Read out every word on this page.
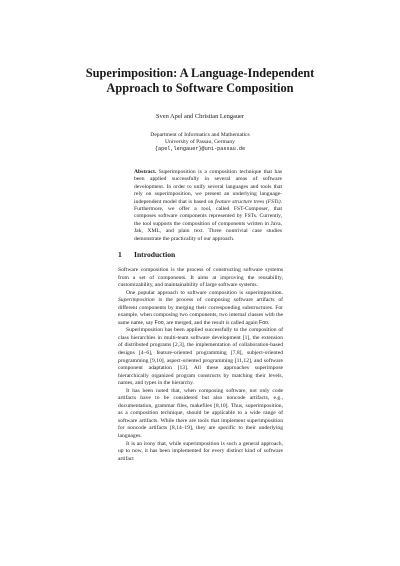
Superimposition: A Language-Independent Approach to Software Composition
Sven Apel and Christian Lengauer
Department of Informatics and Mathematics
University of Passau, Germany
{apel,lengauer}@uni-passau.de
Abstract. Superimposition is a composition technique that has been applied successfully in several areas of software development. In order to unify several languages and tools that rely on superimposition, we present an underlying language-independent model that is based on feature structure trees (FSTs). Furthermore, we offer a tool, called FST-Composer, that composes software components represented by FSTs. Currently, the tool supports the composition of components written in Java, Jak, XML, and plain text. Three nontrivial case studies demonstrate the practicality of our approach.
1 Introduction

Software composition is the process of constructing software systems from a set of components. It aims at improving the reusability, customizability, and maintainability of large software systems.

One popular approach to software composition is superimposition. Superimposition is the process of composing software artifacts of different components by merging their corresponding substructures. For example, when composing two components, two internal classes with the same name, say Foo, are merged, and the result is called again Foo.

Superimposition has been applied successfully to the composition of class hierarchies in multi-team software development [1], the extension of distributed programs [2,3], the implementation of collaboration-based designs [4–6], feature-oriented programming [7,8], subject-oriented programming [9,10], aspect-oriented programming [11,12], and software component adaptation [13]. All these approaches superimpose hierarchically organized program constructs by matching their levels, names, and types in the hierarchy.

It has been noted that, when composing software, not only code artifacts have to be considered but also noncode artifacts, e.g., documentation, grammar files, makefiles [8,10]. Thus, superimposition, as a composition technique, should be applicable to a wide range of software artifacts. While there are tools that implement superimposition for noncode artifacts [8,14–19], they are specific to their underlying languages.

It is an irony that, while superimposition is such a general approach, up to now, it has been implemented for every distinct kind of software artifact
